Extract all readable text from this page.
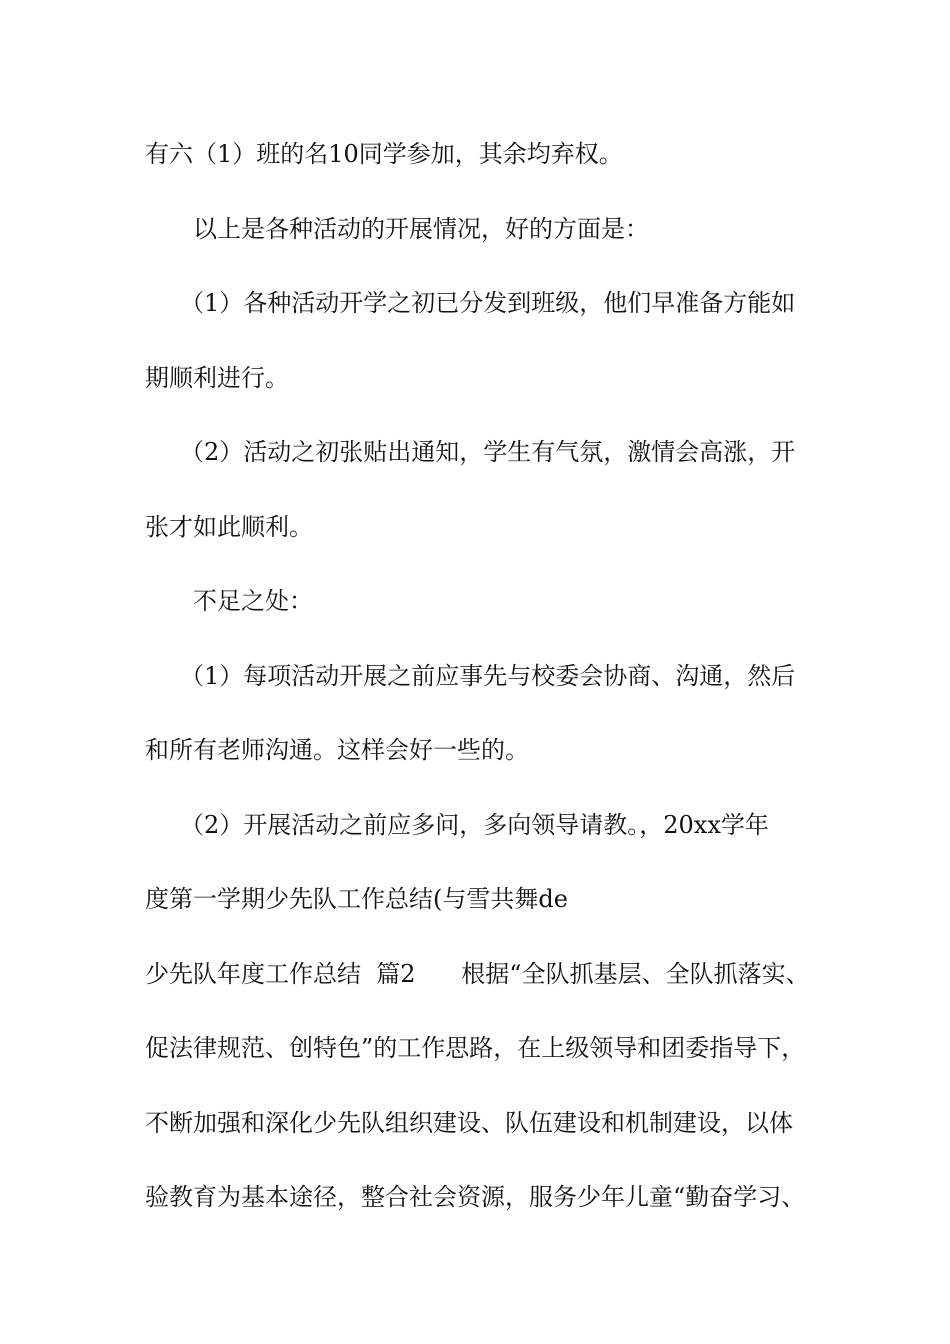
有六（1）班的名10同学参加，其余均弃权。
以上是各种活动的开展情况，好的方面是：
（1）各种活动开学之初已分发到班级，他们早准备方能如
期顺利进行。
（2）活动之初张贴出通知，学生有气氛，激情会高涨，开
张才如此顺利。
不足之处：
（1）每项活动开展之前应事先与校委会协商、沟通，然后
和所有老师沟通。这样会好一些的。
（2）开展活动之前应多问，多向领导请教。，20xx学年
度第一学期少先队工作总结(与雪共舞de
少先队年度工作总结  篇2      根据“全队抓基层、全队抓落实、
促法律规范、创特色”的工作思路，在上级领导和团委指导下，
不断加强和深化少先队组织建设、队伍建设和机制建设，以体
验教育为基本途径，整合社会资源，服务少年儿童“勤奋学习、
